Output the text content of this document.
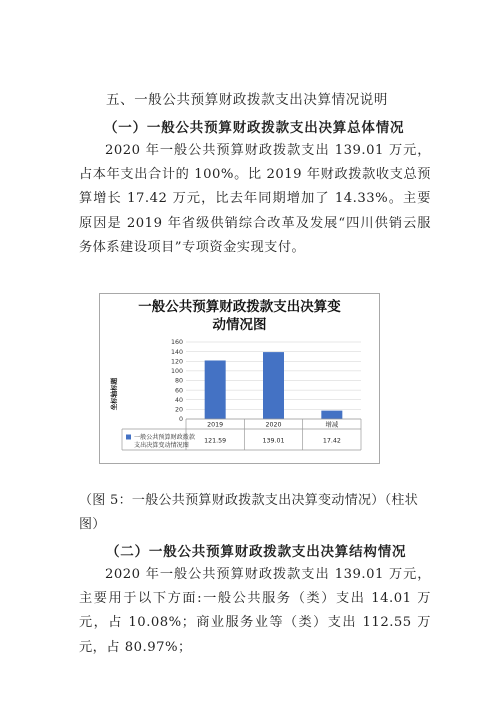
五、一般公共预算财政拨款支出决算情况说明
（一）一般公共预算财政拨款支出决算总体情况
2020 年一般公共预算财政拨款支出 139.01 万元，占本年支出合计的 100%。比 2019 年财政拨款收支总预算增长 17.42 万元，比去年同期增加了 14.33%。主要原因是 2019 年省级供销综合改革及发展“四川供销云服务体系建设项目”专项资金实现支付。
一般公共预算财政拨款支出决算变
动情况图
0
20
40
60
80
100
120
140
160
坐标轴标题
2019
121.59
2020
139.01
增减
17.42
一般公共预算财政拨款
支出决算变动情况图
（图 5：一般公共预算财政拨款支出决算变动情况）（柱状图）
（二）一般公共预算财政拨款支出决算结构情况
2020 年一般公共预算财政拨款支出 139.01 万元，主要用于以下方面:一般公共服务（类）支出 14.01 万元，占 10.08%；商业服务业等（类）支出 112.55 万元，占 80.97%；
